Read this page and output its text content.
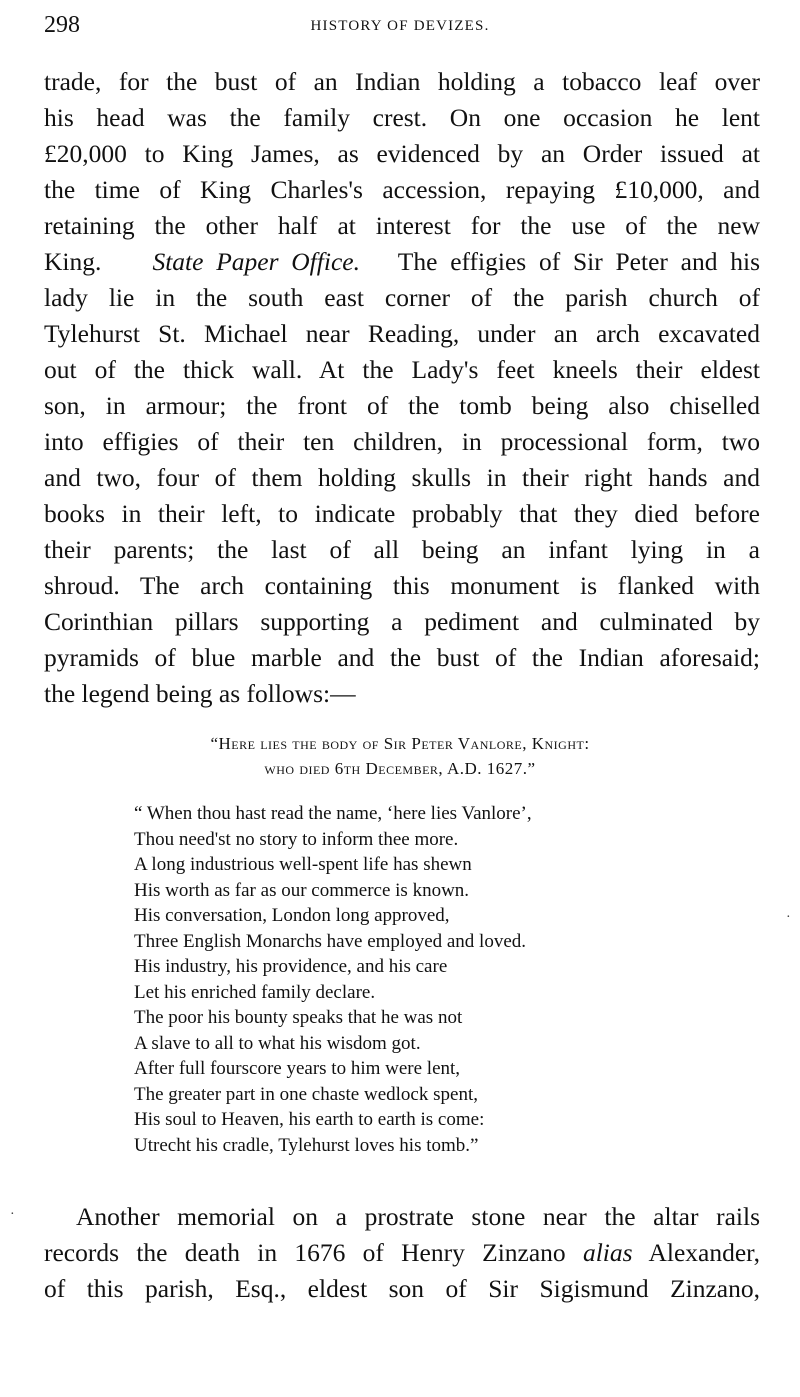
298	HISTORY OF DEVIZES.
trade, for the bust of an Indian holding a tobacco leaf over
his head was the family crest. On one occasion he lent
£20,000 to King James, as evidenced by an Order issued at
the time of King Charles's accession, repaying £10,000, and
retaining the other half at interest for the use of the new
King. State Paper Office. The effigies of Sir Peter and his
lady lie in the south east corner of the parish church of
Tylehurst St. Michael near Reading, under an arch excavated
out of the thick wall. At the Lady's feet kneels their eldest
son, in armour; the front of the tomb being also chiselled
into effigies of their ten children, in processional form, two
and two, four of them holding skulls in their right hands and
books in their left, to indicate probably that they died before
their parents; the last of all being an infant lying in a
shroud. The arch containing this monument is flanked with
Corinthian pillars supporting a pediment and culminated by
pyramids of blue marble and the bust of the Indian aforesaid;
the legend being as follows:—
“Here lies the body of Sir Peter Vanlore, Knight:
who died 6th December, A.D. 1627.”
“ When thou hast read the name, ‘here lies Vanlore’,
Thou need'st no story to inform thee more.
A long industrious well-spent life has shewn
His worth as far as our commerce is known.
His conversation, London long approved,
Three English Monarchs have employed and loved.
His industry, his providence, and his care
Let his enriched family declare.
The poor his bounty speaks that he was not
A slave to all to what his wisdom got.
After full fourscore years to him were lent,
The greater part in one chaste wedlock spent,
His soul to Heaven, his earth to earth is come:
Utrecht his cradle, Tylehurst loves his tomb.”
Another memorial on a prostrate stone near the altar rails
records the death in 1676 of Henry Zinzano alias Alexander,
of this parish, Esq., eldest son of Sir Sigismund Zinzano,
·
·
